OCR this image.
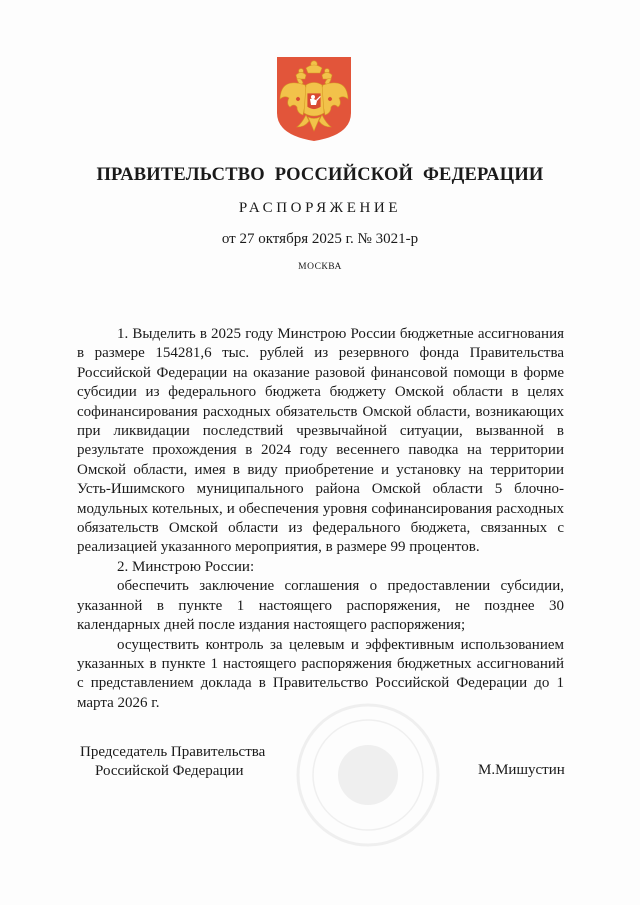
ПРАВИТЕЛЬСТВО РОССИЙСКОЙ ФЕДЕРАЦИИ
РАСПОРЯЖЕНИЕ
от 27 октября 2025 г. № 3021-р
МОСКВА

1. Выделить в 2025 году Минстрою России бюджетные ассигнования в размере 154281,6 тыс. рублей из резервного фонда Правительства Российской Федерации на оказание разовой финансовой помощи в форме субсидии из федерального бюджета бюджету Омской области в целях софинансирования расходных обязательств Омской области, возникающих при ликвидации последствий чрезвычайной ситуации, вызванной в результате прохождения в 2024 году весеннего паводка на территории Омской области, имея в виду приобретение и установку на территории Усть-Ишимского муниципального района Омской области 5 блочно-модульных котельных, и обеспечения уровня софинансирования расходных обязательств Омской области из федерального бюджета, связанных с реализацией указанного мероприятия, в размере 99 процентов.

2. Минстрою России:

обеспечить заключение соглашения о предоставлении субсидии, указанной в пункте 1 настоящего распоряжения, не позднее 30 календарных дней после издания настоящего распоряжения;

осуществить контроль за целевым и эффективным использованием указанных в пункте 1 настоящего распоряжения бюджетных ассигнований с представлением доклада в Правительство Российской Федерации до 1 марта 2026 г.

Председатель Правительства
Российской Федерации	М.Мишустин
